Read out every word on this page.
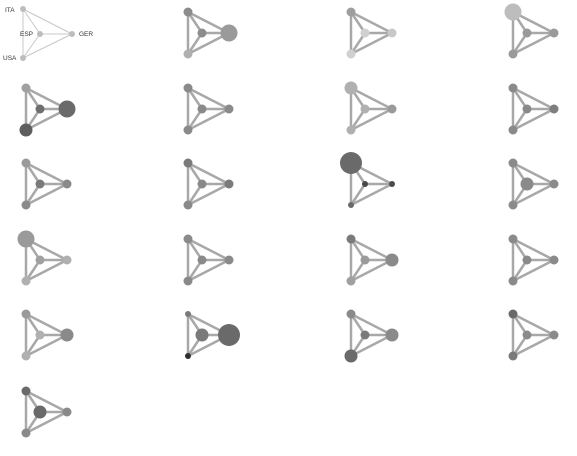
ITA
ESP	GER
USA
